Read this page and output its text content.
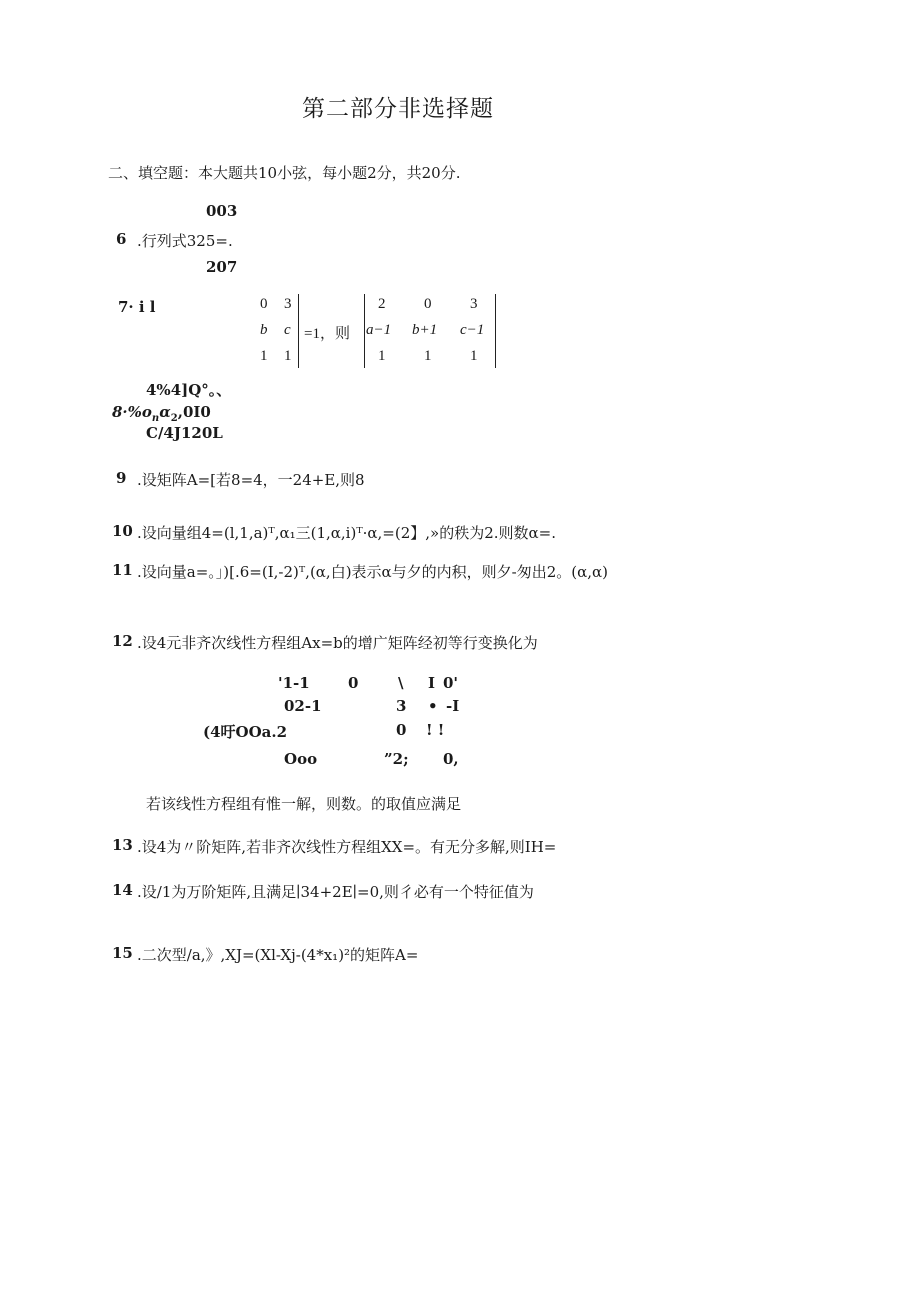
第二部分非选择题
二、填空题：本大题共10小弦，每小题2分，共20分.
003
6 .行列式325=.
207
7· i l	0 3
b c
1 1
=1，则
2	0	3
a−1 b+1 c−1
1	1	1
4%4]Q°。、
$8\cdot\%o_n\alpha_2,0I0$
C/4J120L
9 .设矩阵A=[若8=4，一24+E,则8
10 .设向量组4=(l,1,a)ᵀ,α₁三(1,α,i)ᵀ·α,=(2】,»的秩为2.则数α=.
11 .设向量a=。」)[.6=(I,-2)ᵀ,(α,白)表示α与夕的内积，则夕-匆出2。(α,α)
12 .设4元非齐次线性方程组Ax=b的增广矩阵经初等行变换化为
'1-1	0	\ I 0'
02-1	3 • -I
(4吁OOa.2	0 ! !
Ooo	”2; 0,
若该线性方程组有惟一解，则数。的取值应满足
13 .设4为〃阶矩阵,若非齐次线性方程组XX=。有无分多解,则IH=
14 .设/1为万阶矩阵,且满足∣34+2E∣=0,则彳必有一个特征值为
15 .二次型/a,》,XJ=(Xl-Xj-(4*x₁)²的矩阵A=
